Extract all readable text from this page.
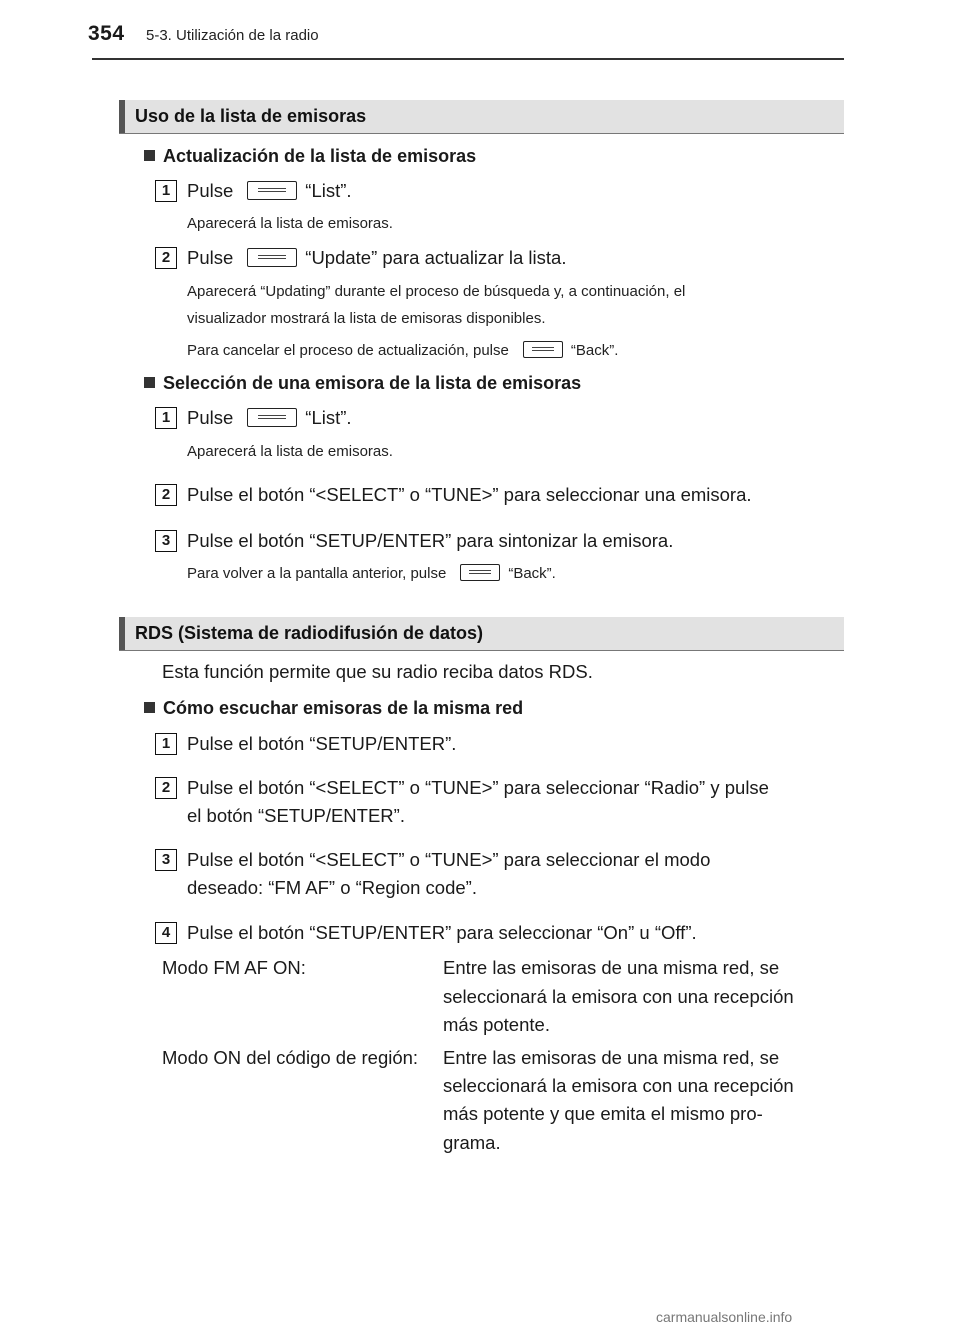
354 5-3. Utilización de la radio
Uso de la lista de emisoras
Actualización de la lista de emisoras
1 Pulse	“List”.
Aparecerá la lista de emisoras.
2 Pulse	“Update” para actualizar la lista.
Aparecerá “Updating” durante el proceso de búsqueda y, a continuación, el
visualizador mostrará la lista de emisoras disponibles.
Para cancelar el proceso de actualización, pulse	“Back”.
Selección de una emisora de la lista de emisoras
1 Pulse	“List”.
Aparecerá la lista de emisoras.
2 Pulse el botón “<SELECT” o “TUNE>” para seleccionar una emisora.
3 Pulse el botón “SETUP/ENTER” para sintonizar la emisora.
Para volver a la pantalla anterior, pulse	“Back”.
RDS (Sistema de radiodifusión de datos)
Esta función permite que su radio reciba datos RDS.
Cómo escuchar emisoras de la misma red
1 Pulse el botón “SETUP/ENTER”.
2 Pulse el botón “<SELECT” o “TUNE>” para seleccionar “Radio” y pulse
el botón “SETUP/ENTER”.
3 Pulse el botón “<SELECT” o “TUNE>” para seleccionar el modo
deseado: “FM AF” o “Region code”.
4 Pulse el botón “SETUP/ENTER” para seleccionar “On” u “Off”.
Modo FM AF ON:	Entre las emisoras de una misma red, se
seleccionará la emisora con una recepción
más potente.
Modo ON del código de región: Entre las emisoras de una misma red, se
seleccionará la emisora con una recepción
más potente y que emita el mismo pro-
grama.
carmanualsonline.info
